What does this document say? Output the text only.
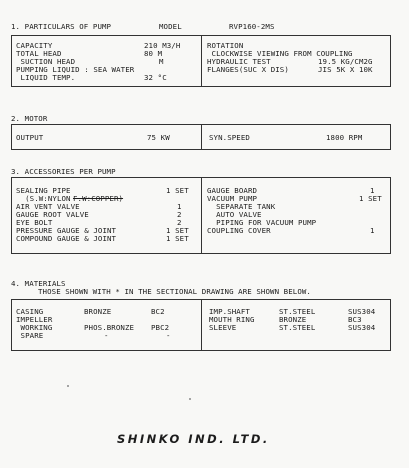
1. PARTICULARS OF PUMP	MODEL	RVP160-2MS
CAPACITY	210 M3/H
TOTAL HEAD	80 M
SUCTION HEAD	M
PUMPING LIQUID : SEA WATER
LIQUID TEMP.	32 °C
ROTATION
CLOCKWISE VIEWING FROM COUPLING
HYDRAULIC TEST	19.5 KG/CM2G
FLANGES(SUC X DIS)	JIS 5K X 10K
2. MOTOR
OUTPUT	75 KW	SYN.SPEED	1800 RPM
3. ACCESSORIES PER PUMP
SEALING PIPE	1 SET
(S.W:NYLON F.W:COPPER)
AIR VENT VALVE	1
GAUGE ROOT VALVE	2
EYE BOLT	2
PRESSURE GAUGE & JOINT	1 SET
COMPOUND GAUGE & JOINT	1 SET
GAUGE BOARD	1
VACUUM PUMP	1 SET
SEPARATE TANK
AUTO VALVE
PIPING FOR VACUUM PUMP
COUPLING COVER	1
4. MATERIALS
THOSE SHOWN WITH * IN THE SECTIONAL DRAWING ARE SHOWN BELOW.
CASING	BRONZE	BC2
IMPELLER
WORKING	PHOS.BRONZE PBC2
SPARE	-	-
IMP.SHAFT	ST.STEEL	SUS304
MOUTH RING	BRONZE	BC3
SLEEVE	ST.STEEL	SUS304
SHINKO IND. LTD.
